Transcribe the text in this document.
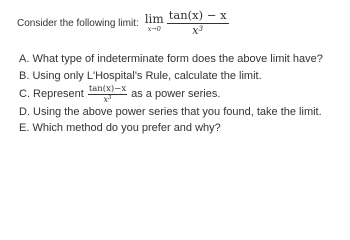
Consider the following limit: lim
$x\to 0 \frac{\tan(x) - x}{x^3}$
A. What type of indeterminate form does the above limit have?
B. Using only L'Hospital's Rule, calculate the limit.
C. Represent $\frac{\tan(x)-x}{x^3}$ as a power series.
D. Using the above power series that you found, take the limit.
E. Which method do you prefer and why?
